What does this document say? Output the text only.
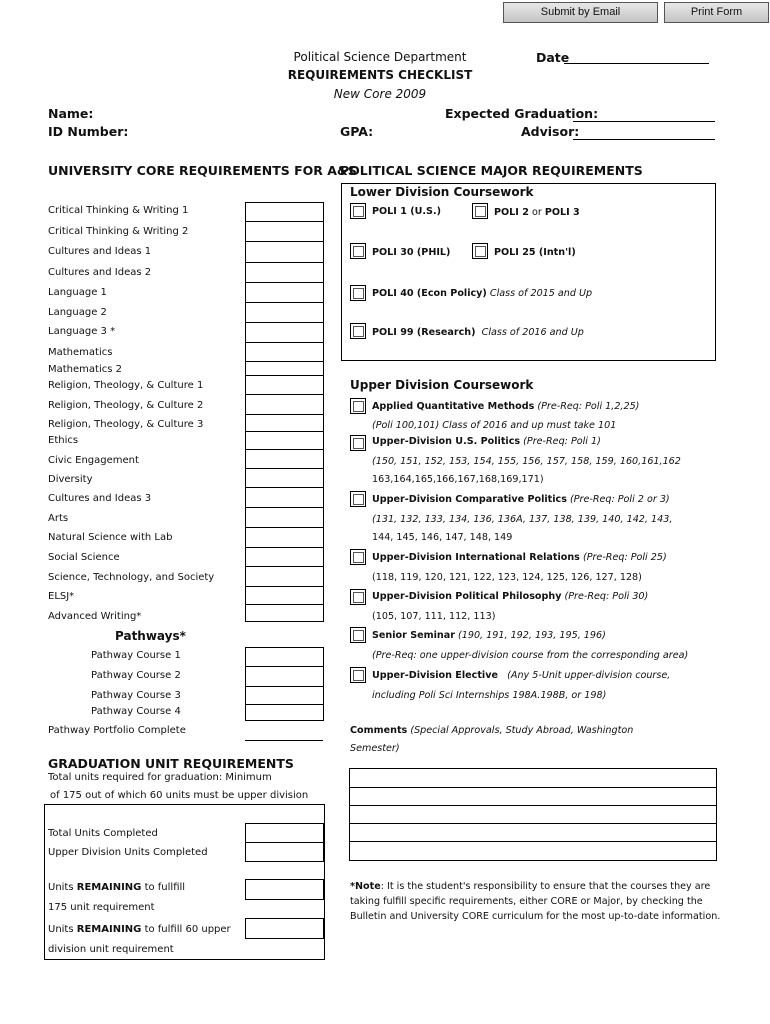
Submit by Email	Print Form
Political Science Department
REQUIREMENTS CHECKLIST
New Core 2009
Date
Name:
ID Number:	GPA:
Expected Graduation:
Advisor:
UNIVERSITY CORE REQUIREMENTS FOR A&S
Critical Thinking & Writing 1
Critical Thinking & Writing 2
Cultures and Ideas 1
Cultures and Ideas 2
Language 1
Language 2
Language 3 *
Mathematics
Mathematics 2
Religion, Theology, & Culture 1
Religion, Theology, & Culture 2
Religion, Theology, & Culture 3
Ethics
Civic Engagement
Diversity
Cultures and Ideas 3
Arts
Natural Science with Lab
Social Science
Science, Technology, and Society
ELSJ*
Advanced Writing*
Pathways*
Pathway Course 1
Pathway Course 2
Pathway Course 3
Pathway Course 4
Pathway Portfolio Complete
GRADUATION UNIT REQUIREMENTS
Total units required for graduation: Minimum
of 175 out of which 60 units must be upper division
Total Units Completed
Upper Division Units Completed
Units REMAINING to fullfill
175 unit requirement
Units REMAINING to fulfill 60 upper
division unit requirement
POLITICAL SCIENCE MAJOR REQUIREMENTS
Lower Division Coursework
POLI 1 (U.S.)	POLI 2 or POLI 3
POLI 30 (PHIL)	POLI 25 (Intn'l)
POLI 40 (Econ Policy) Class of 2015 and Up
POLI 99 (Research) Class of 2016 and Up
Upper Division Coursework
Applied Quantitative Methods (Pre-Req: Poli 1,2,25)
(Poli 100,101) Class of 2016 and up must take 101
Upper-Division U.S. Politics (Pre-Req: Poli 1)
(150, 151, 152, 153, 154, 155, 156, 157, 158, 159, 160,161,162
163,164,165,166,167,168,169,171)
Upper-Division Comparative Politics (Pre-Req: Poli 2 or 3)
(131, 132, 133, 134, 136, 136A, 137, 138, 139, 140, 142, 143,
144, 145, 146, 147, 148, 149
Upper-Division International Relations (Pre-Req: Poli 25)
(118, 119, 120, 121, 122, 123, 124, 125, 126, 127, 128)
Upper-Division Political Philosophy (Pre-Req: Poli 30)
(105, 107, 111, 112, 113)
Senior Seminar (190, 191, 192, 193, 195, 196)
(Pre-Req: one upper-division course from the corresponding area)
Upper-Division Elective (Any 5-Unit upper-division course,
including Poli Sci Internships 198A.198B, or 198)
Comments (Special Approvals, Study Abroad, Washington
Semester)
*Note: It is the student's responsibility to ensure that the courses they are
taking fulfill specific requirements, either CORE or Major, by checking the
Bulletin and University CORE curriculum for the most up-to-date information.
